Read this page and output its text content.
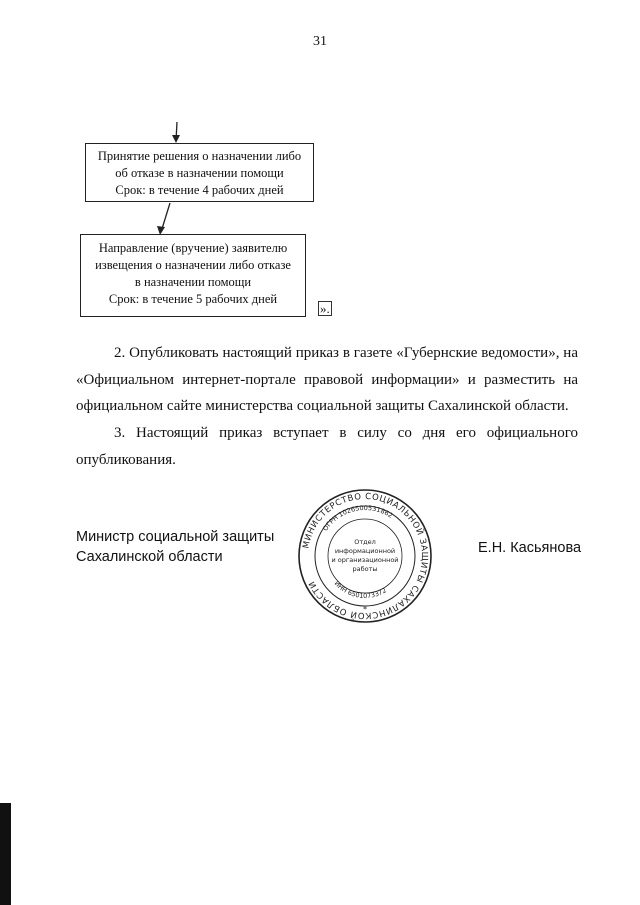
31
Принятие решения о назначении либо
об отказе в назначении помощи
Срок: в течение 4 рабочих дней
Направление (вручение) заявителю
извещения о назначении либо отказе
в назначении помощи
Срок: в течение 5 рабочих дней
».
2. Опубликовать настоящий приказ в газете «Губернские ведомости», на «Официальном интернет-портале правовой информации» и разместить на официальном сайте министерства социальной защиты Сахалинской области.
3. Настоящий приказ вступает в силу со дня его официального опубликования.
Министр социальной защиты
Сахалинской области
МИНИСТЕРСТВО СОЦИАЛЬНОЙ ЗАЩИТЫ САХАЛИНСКОЙ ОБЛАСТИ
ОГРН 1026500531862
ИНН 6501073372
Отдел
информационной
и организационной
работы
*
Е.Н. Касьянова
